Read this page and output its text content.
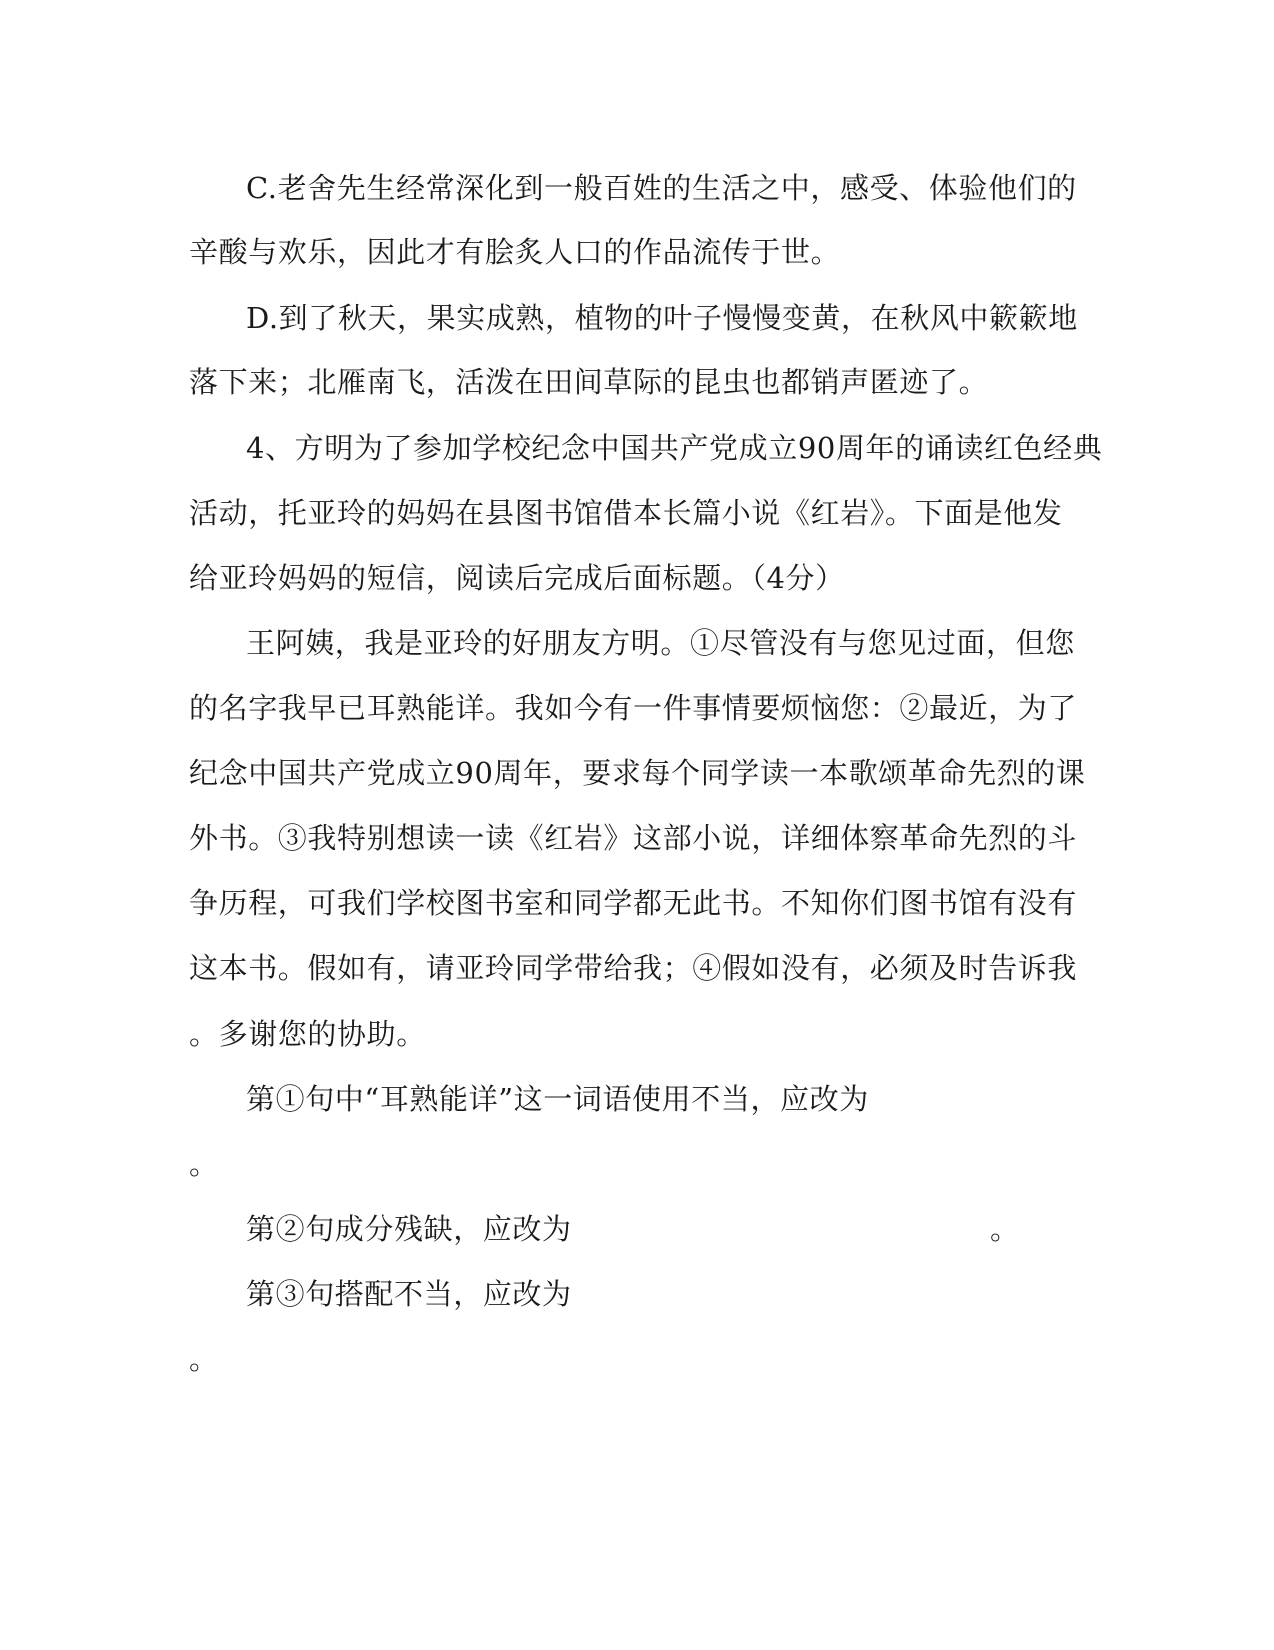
C.老舍先生经常深化到一般百姓的生活之中，感受、体验他们的
辛酸与欢乐，因此才有脍炙人口的作品流传于世。
D.到了秋天，果实成熟，植物的叶子慢慢变黄，在秋风中簌簌地
落下来；北雁南飞，活泼在田间草际的昆虫也都销声匿迹了。
4、方明为了参加学校纪念中国共产党成立90周年的诵读红色经典
活动，托亚玲的妈妈在县图书馆借本长篇小说《红岩》。下面是他发
给亚玲妈妈的短信，阅读后完成后面标题。（4分）
王阿姨，我是亚玲的好朋友方明。①尽管没有与您见过面，但您
的名字我早已耳熟能详。我如今有一件事情要烦恼您：②最近，为了
纪念中国共产党成立90周年，要求每个同学读一本歌颂革命先烈的课
外书。③我特别想读一读《红岩》这部小说，详细体察革命先烈的斗
争历程，可我们学校图书室和同学都无此书。不知你们图书馆有没有
这本书。假如有，请亚玲同学带给我；④假如没有，必须及时告诉我
。多谢您的协助。
第①句中“耳熟能详”这一词语使用不当，应改为
。
第②句成分残缺，应改为	。
第③句搭配不当，应改为
。
